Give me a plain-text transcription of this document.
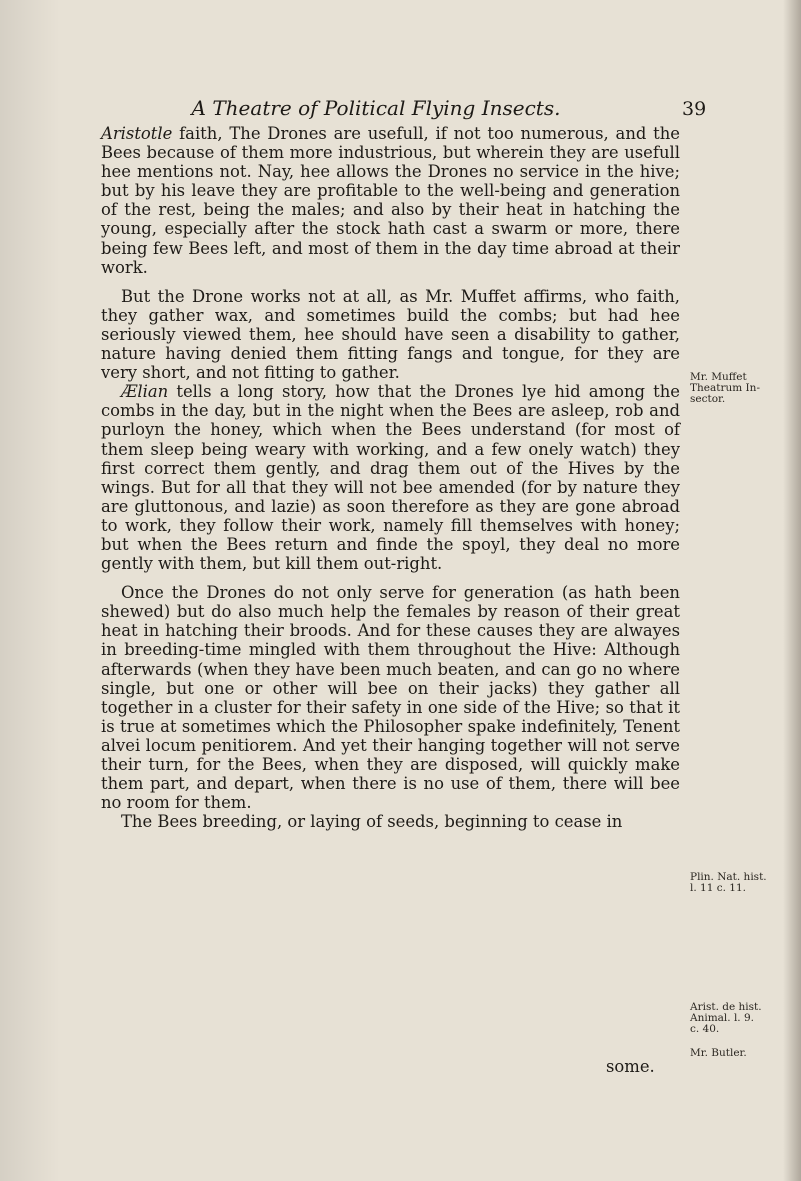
A Theatre of Political Flying Insects.	39

Aristotle faith, The Drones are usefull, if not too numerous, and the Bees because of them more industrious, but wherein they are usefull hee mentions not. Nay, hee allows the Drones no service in the hive; but by his leave they are profitable to the well-being and generation of the rest, being the males; and also by their heat in hatching the young, especially after the stock hath cast a swarm or more, there being few Bees left, and most of them in the day time abroad at their work.

But the Drone works not at all, as Mr. Muffet affirms, who faith, they gather wax, and sometimes build the combs; but had hee seriously viewed them, hee should have seen a disability to gather, nature having denied them fitting fangs and tongue, for they are very short, and not fitting to gather.

Ælian tells a long story, how that the Drones lye hid among the combs in the day, but in the night when the Bees are asleep, rob and purloyn the honey, which when the Bees understand (for most of them sleep being weary with working, and a few onely watch) they first correct them gently, and drag them out of the Hives by the wings. But for all that they will not bee amended (for by nature they are gluttonous, and lazie) as soon therefore as they are gone abroad to work, they follow their work, namely fill themselves with honey; but when the Bees return and finde the spoyl, they deal no more gently with them, but kill them out-right.

Once the Drones do not only serve for generation (as hath been shewed) but do also much help the females by reason of their great heat in hatching their broods. And for these causes they are alwayes in breeding-time mingled with them throughout the Hive: Although afterwards (when they have been much beaten, and can go no where single, but one or other will bee on their jacks) they gather all together in a cluster for their safety in one side of the Hive; so that it is true at sometimes which the Philosopher spake indefinitely, Tenent alvei locum penitiorem. And yet their hanging together will not serve their turn, for the Bees, when they are disposed, will quickly make them part, and depart, when there is no use of them, there will bee no room for them.

The Bees breeding, or laying of seeds, beginning to cease in

some.
Mr. Muffet
Theatrum In-
sector.
Plin. Nat. hist.
l. 11 c. 11.
Arist. de hist.
Animal. l. 9.
c. 40.
Mr. Butler.
